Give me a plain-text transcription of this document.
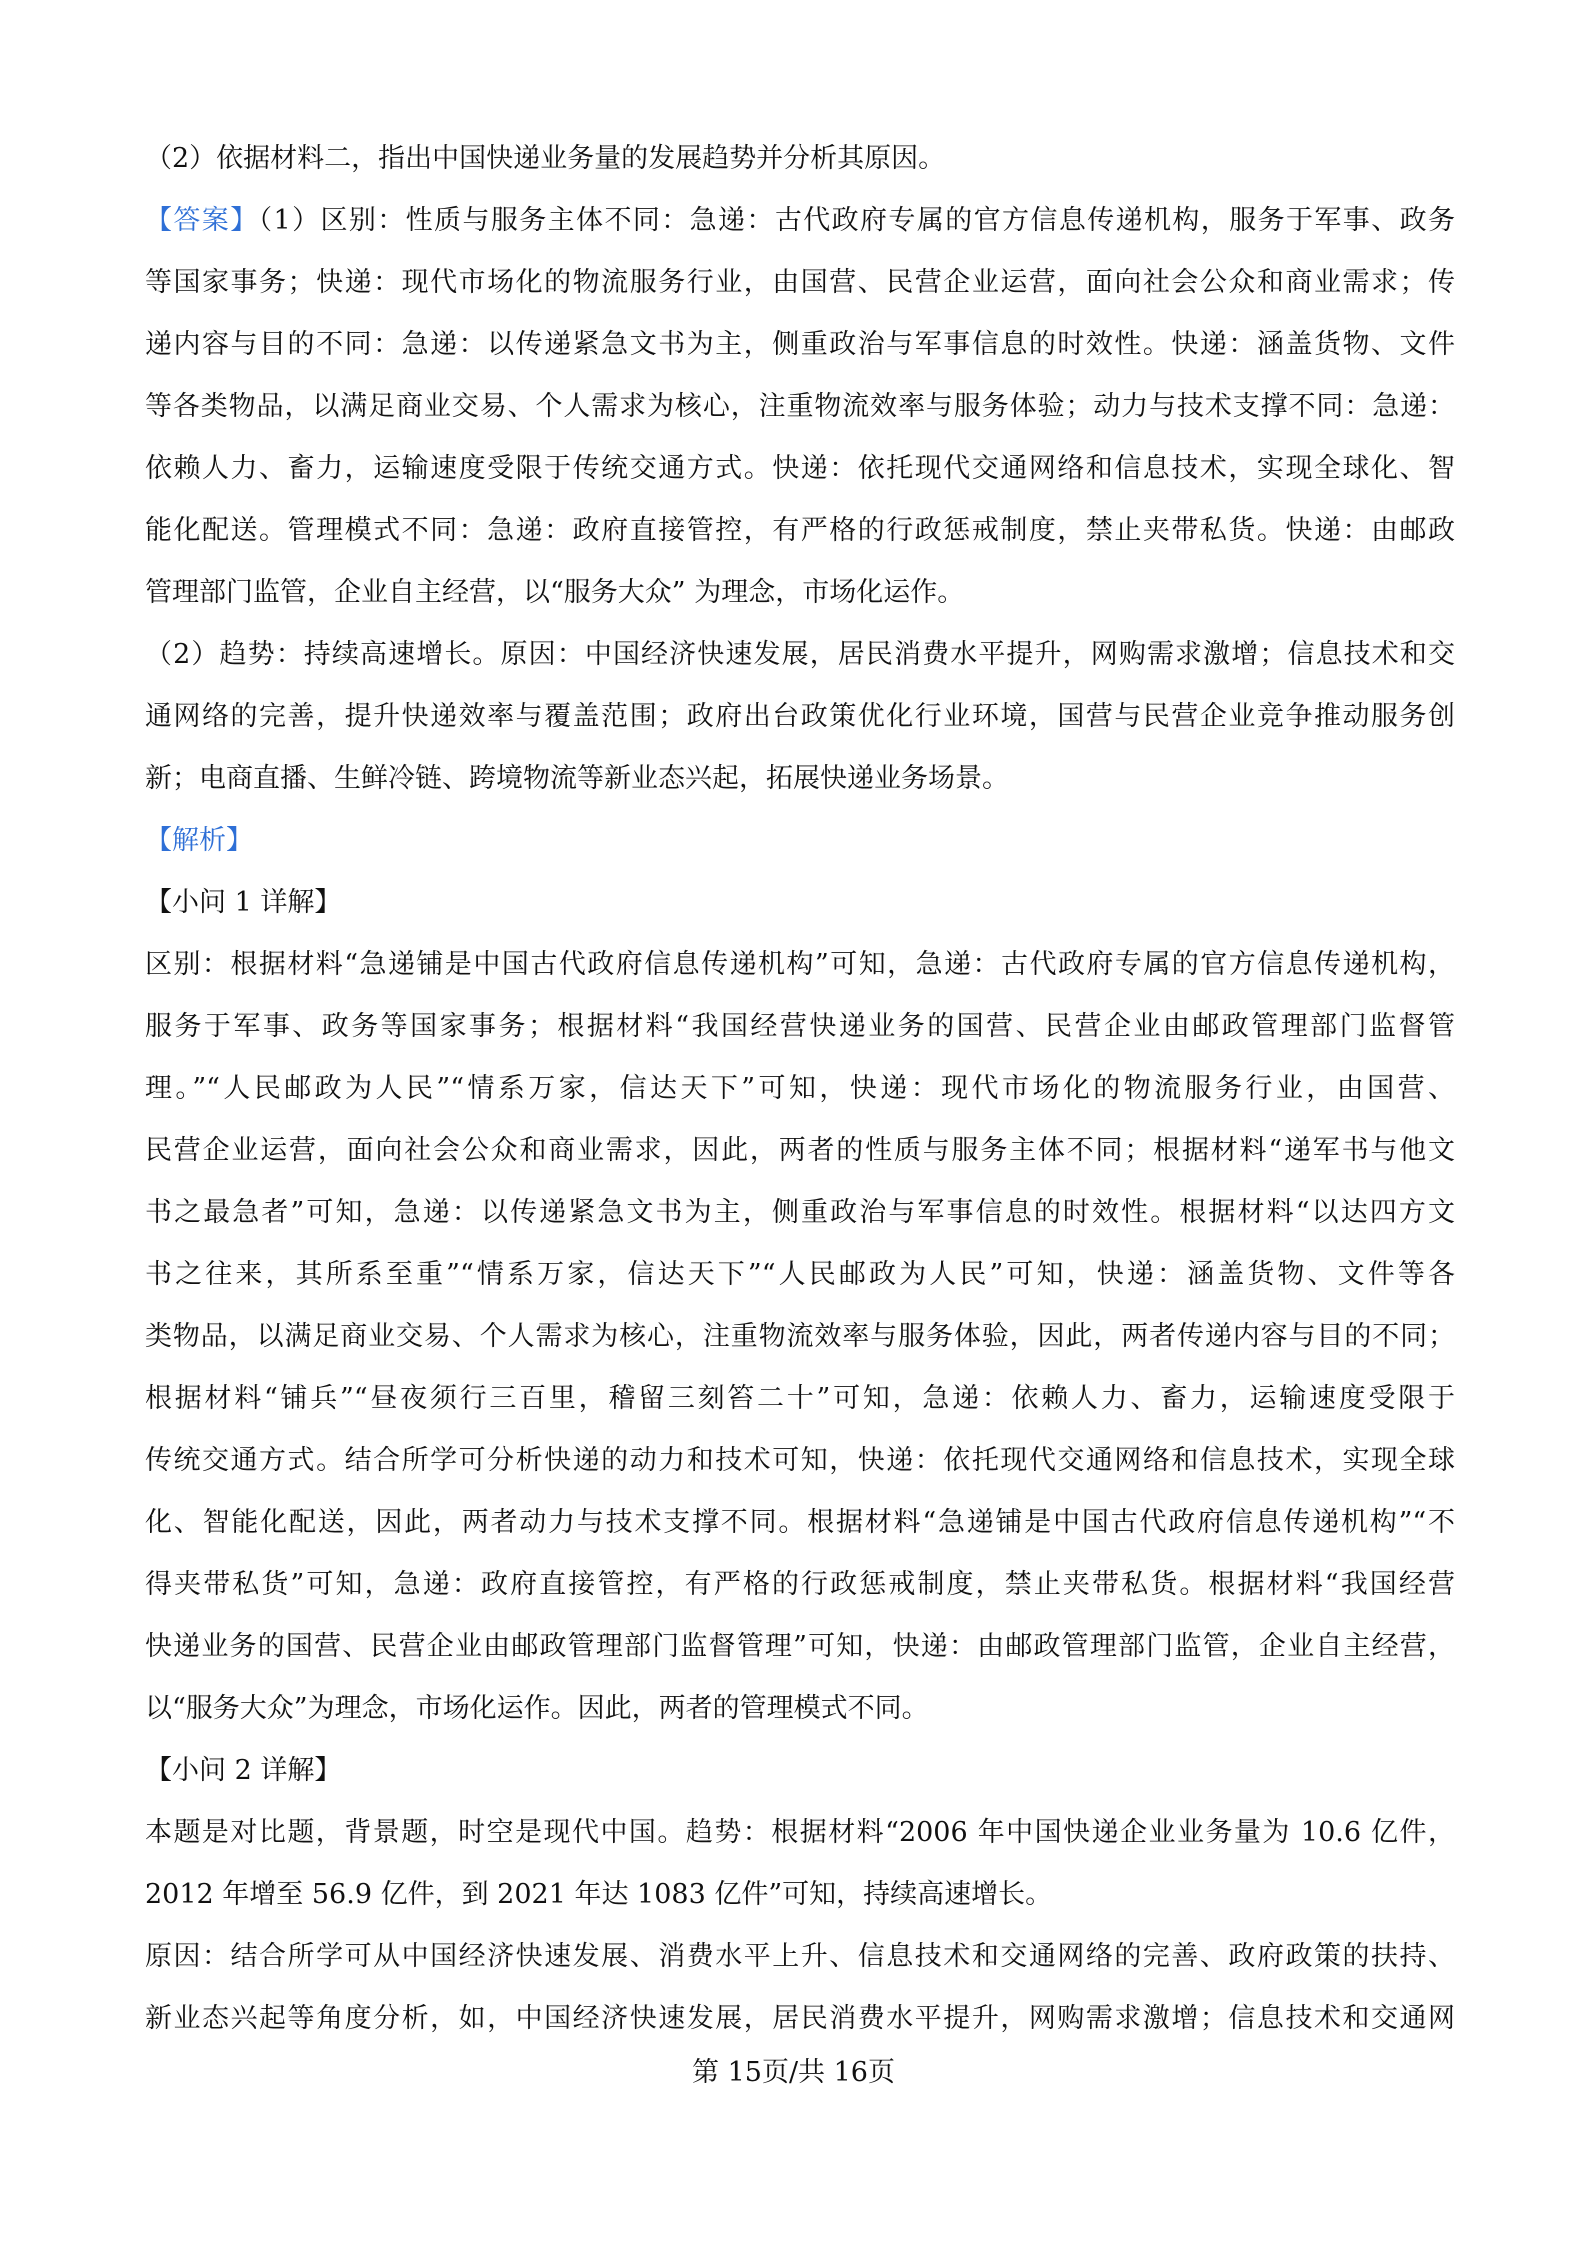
（2）依据材料二，指出中国快递业务量的发展趋势并分析其原因。

【答案】（1）区别：性质与服务主体不同：急递：古代政府专属的官方信息传递机构，服务于军事、政务
等国家事务；快递：现代市场化的物流服务行业，由国营、民营企业运营，面向社会公众和商业需求；传
递内容与目的不同：急递：以传递紧急文书为主，侧重政治与军事信息的时效性。快递：涵盖货物、文件
等各类物品，以满足商业交易、个人需求为核心，注重物流效率与服务体验；动力与技术支撑不同：急递：
依赖人力、畜力，运输速度受限于传统交通方式。快递：依托现代交通网络和信息技术，实现全球化、智
能化配送。管理模式不同：急递：政府直接管控，有严格的行政惩戒制度，禁止夹带私货。快递：由邮政
管理部门监管，企业自主经营，以“服务大众” 为理念，市场化运作。

（2）趋势：持续高速增长。原因：中国经济快速发展，居民消费水平提升，网购需求激增；信息技术和交
通网络的完善，提升快递效率与覆盖范围；政府出台政策优化行业环境，国营与民营企业竞争推动服务创
新；电商直播、生鲜冷链、跨境物流等新业态兴起，拓展快递业务场景。

【解析】

【小问 1 详解】

区别：根据材料“急递铺是中国古代政府信息传递机构”可知，急递：古代政府专属的官方信息传递机构，
服务于军事、政务等国家事务；根据材料“我国经营快递业务的国营、民营企业由邮政管理部门监督管
理。”“人民邮政为人民”“情系万家，信达天下”可知，快递：现代市场化的物流服务行业，由国营、
民营企业运营，面向社会公众和商业需求，因此，两者的性质与服务主体不同；根据材料“递军书与他文
书之最急者”可知，急递：以传递紧急文书为主，侧重政治与军事信息的时效性。根据材料“以达四方文
书之往来，其所系至重”“情系万家，信达天下”“人民邮政为人民”可知，快递：涵盖货物、文件等各
类物品，以满足商业交易、个人需求为核心，注重物流效率与服务体验，因此，两者传递内容与目的不同；
根据材料“铺兵”“昼夜须行三百里，稽留三刻笞二十”可知，急递：依赖人力、畜力，运输速度受限于
传统交通方式。结合所学可分析快递的动力和技术可知，快递：依托现代交通网络和信息技术，实现全球
化、智能化配送，因此，两者动力与技术支撑不同。根据材料“急递铺是中国古代政府信息传递机构”“不
得夹带私货”可知，急递：政府直接管控，有严格的行政惩戒制度，禁止夹带私货。根据材料“我国经营
快递业务的国营、民营企业由邮政管理部门监督管理”可知，快递：由邮政管理部门监管，企业自主经营，
以“服务大众”为理念，市场化运作。因此，两者的管理模式不同。

【小问 2 详解】

本题是对比题，背景题，时空是现代中国。趋势：根据材料“2006 年中国快递企业业务量为 10.6 亿件，
2012 年增至 56.9 亿件，到 2021 年达 1083 亿件”可知，持续高速增长。

原因：结合所学可从中国经济快速发展、消费水平上升、信息技术和交通网络的完善、政府政策的扶持、
新业态兴起等角度分析，如，中国经济快速发展，居民消费水平提升，网购需求激增；信息技术和交通网

第 15页/共 16页
